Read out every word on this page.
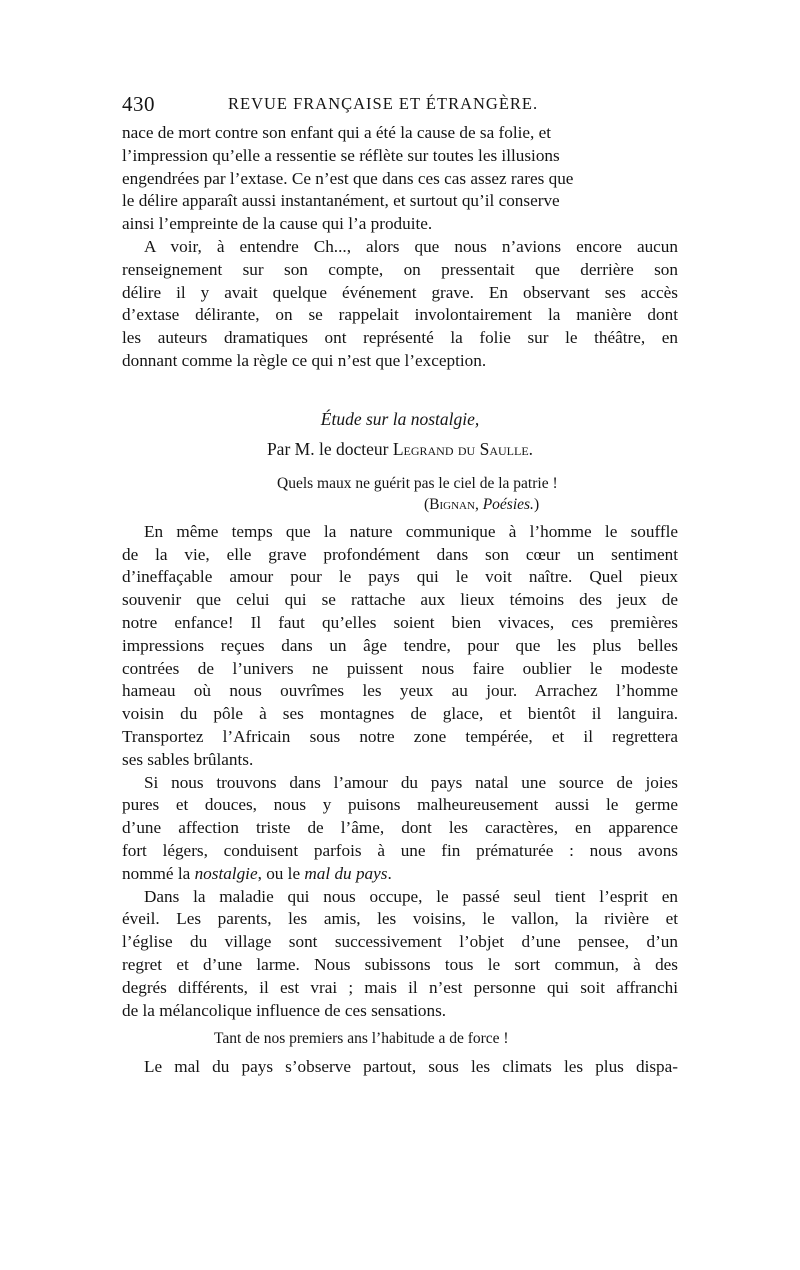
430	REVUE FRANÇAISE ET ÉTRANGÈRE.
nace de mort contre son enfant qui a été la cause de sa folie, et
l’impression qu’elle a ressentie se réflète sur toutes les illusions
engendrées par l’extase. Ce n’est que dans ces cas assez rares que
le délire apparaît aussi instantanément, et surtout qu’il conserve
ainsi l’empreinte de la cause qui l’a produite.
A voir, à entendre Ch..., alors que nous n’avions encore aucun
renseignement sur son compte, on pressentait que derrière son
délire il y avait quelque événement grave. En observant ses accès
d’extase délirante, on se rappelait involontairement la manière dont
les auteurs dramatiques ont représenté la folie sur le théâtre, en
donnant comme la règle ce qui n’est que l’exception.
Étude sur la nostalgie,
Par M. le docteur Legrand du Saulle.
Quels maux ne guérit pas le ciel de la patrie !
(Bignan, Poésies.)
En même temps que la nature communique à l’homme le souffle
de la vie, elle grave profondément dans son cœur un sentiment
d’ineffaçable amour pour le pays qui le voit naître. Quel pieux
souvenir que celui qui se rattache aux lieux témoins des jeux de
notre enfance! Il faut qu’elles soient bien vivaces, ces premières
impressions reçues dans un âge tendre, pour que les plus belles
contrées de l’univers ne puissent nous faire oublier le modeste
hameau où nous ouvrîmes les yeux au jour. Arrachez l’homme
voisin du pôle à ses montagnes de glace, et bientôt il languira.
Transportez l’Africain sous notre zone tempérée, et il regrettera
ses sables brûlants.
Si nous trouvons dans l’amour du pays natal une source de joies
pures et douces, nous y puisons malheureusement aussi le germe
d’une affection triste de l’âme, dont les caractères, en apparence
fort légers, conduisent parfois à une fin prématurée : nous avons
nommé la nostalgie, ou le mal du pays.
Dans la maladie qui nous occupe, le passé seul tient l’esprit en
éveil. Les parents, les amis, les voisins, le vallon, la rivière et
l’église du village sont successivement l’objet d’une pensee, d’un
regret et d’une larme. Nous subissons tous le sort commun, à des
degrés différents, il est vrai ; mais il n’est personne qui soit affranchi
de la mélancolique influence de ces sensations.
Tant de nos premiers ans l’habitude a de force !
Le mal du pays s’observe partout, sous les climats les plus dispa-
